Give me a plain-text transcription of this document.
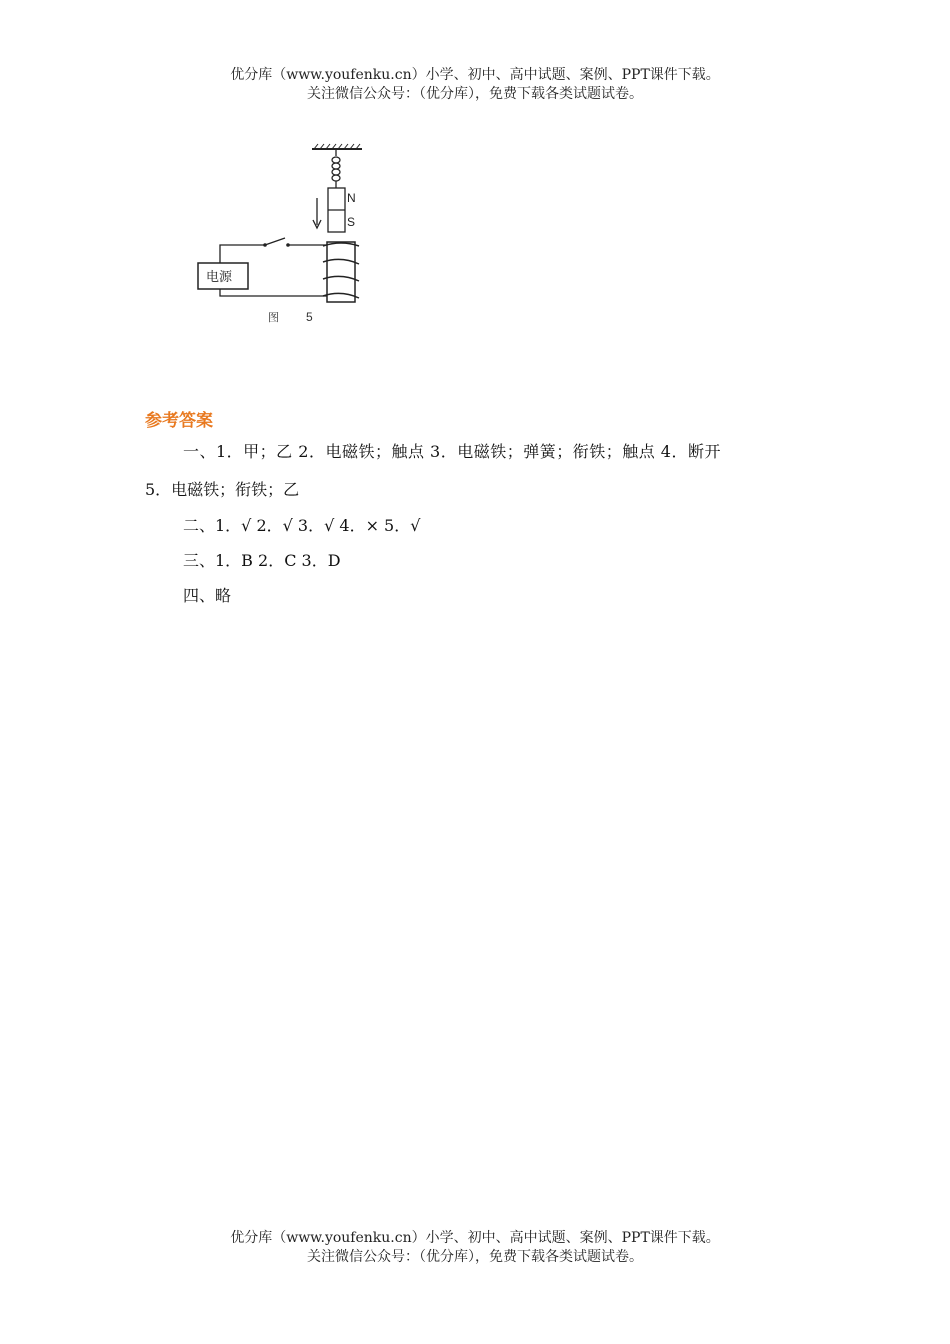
优分库（www.youfenku.cn）小学、初中、高中试题、案例、PPT课件下载。
关注微信公众号：（优分库），免费下载各类试题试卷。
N
S
电源
图 5
参考答案
一、1．甲；乙 2．电磁铁；触点 3．电磁铁；弹簧；衔铁；触点 4．断开
5．电磁铁；衔铁；乙
二、1．√ 2．√ 3．√ 4．× 5．√
三、1．B 2．C 3．D
四、略
优分库（www.youfenku.cn）小学、初中、高中试题、案例、PPT课件下载。
关注微信公众号：（优分库），免费下载各类试题试卷。
